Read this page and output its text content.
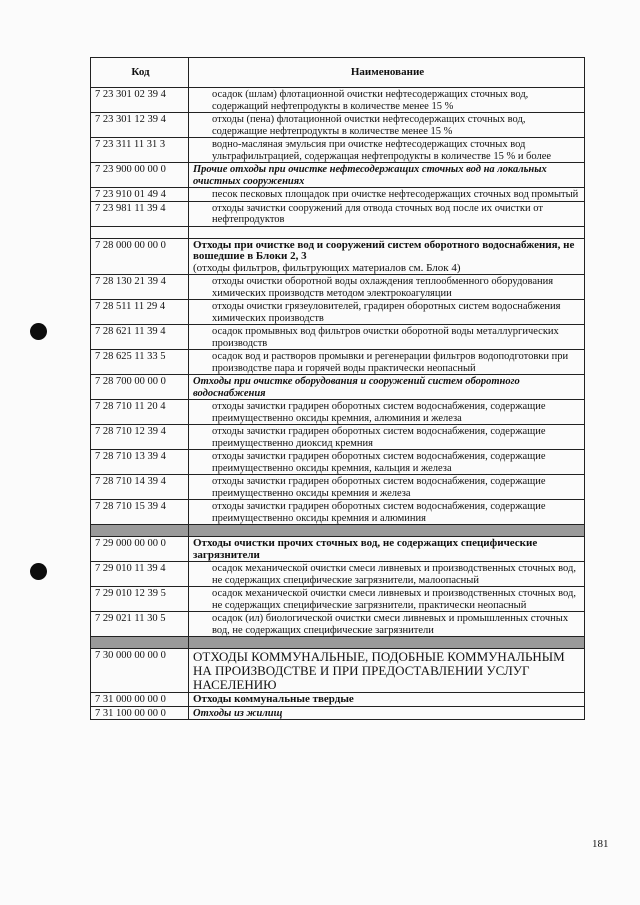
Код	Наименование
7 23 301 02 39 4	осадок (шлам) флотационной очистки нефтесодержащих сточных вод, содержащий нефтепродукты в количестве менее 15 %
7 23 301 12 39 4	отходы (пена) флотационной очистки нефтесодержащих сточных вод, содержащие нефтепродукты в количестве менее 15 %
7 23 311 11 31 3	водно-масляная эмульсия при очистке нефтесодержащих сточных вод ультрафильтрацией, содержащая нефтепродукты в количестве 15 % и более
7 23 900 00 00 0	Прочие отходы при очистке нефтесодержащих сточных вод на локальных очистных сооружениях
7 23 910 01 49 4	песок песковых площадок при очистке нефтесодержащих сточных вод промытый
7 23 981 11 39 4	отходы зачистки сооружений для отвода сточных вод после их очистки от нефтепродуктов

7 28 000 00 00 0	Отходы при очистке вод и сооружений систем оборотного водоснабжения, не вошедшие в Блоки 2, 3
(отходы фильтров, фильтрующих материалов см. Блок 4)
7 28 130 21 39 4	отходы очистки оборотной воды охлаждения теплообменного оборудования химических производств методом электрокоагуляции
7 28 511 11 29 4	отходы очистки грязеуловителей, градирен оборотных систем водоснабжения химических производств
7 28 621 11 39 4	осадок промывных вод фильтров очистки оборотной воды металлургических производств
7 28 625 11 33 5	осадок вод и растворов промывки и регенерации фильтров водоподготовки при производстве пара и горячей воды практически неопасный
7 28 700 00 00 0	Отходы при очистке оборудования и сооружений систем оборотного водоснабжения
7 28 710 11 20 4	отходы зачистки градирен оборотных систем водоснабжения, содержащие преимущественно оксиды кремния, алюминия и железа
7 28 710 12 39 4	отходы зачистки градирен оборотных систем водоснабжения, содержащие преимущественно диоксид кремния
7 28 710 13 39 4	отходы зачистки градирен оборотных систем водоснабжения, содержащие преимущественно оксиды кремния, кальция и железа
7 28 710 14 39 4	отходы зачистки градирен оборотных систем водоснабжения, содержащие преимущественно оксиды кремния и железа
7 28 710 15 39 4	отходы зачистки градирен оборотных систем водоснабжения, содержащие преимущественно оксиды кремния и алюминия

7 29 000 00 00 0	Отходы очистки прочих сточных вод, не содержащих специфические загрязнители
7 29 010 11 39 4	осадок механической очистки смеси ливневых и производственных сточных вод, не содержащих специфические загрязнители, малоопасный
7 29 010 12 39 5	осадок механической очистки смеси ливневых и производственных сточных вод, не содержащих специфические загрязнители, практически неопасный
7 29 021 11 30 5	осадок (ил) биологической очистки смеси ливневых и промышленных сточных вод, не содержащих специфические загрязнители

7 30 000 00 00 0	ОТХОДЫ КОММУНАЛЬНЫЕ, ПОДОБНЫЕ КОММУНАЛЬНЫМ НА ПРОИЗВОДСТВЕ И ПРИ ПРЕДОСТАВЛЕНИИ УСЛУГ НАСЕЛЕНИЮ
7 31 000 00 00 0	Отходы коммунальные твердые
7 31 100 00 00 0	Отходы из жилищ
181
